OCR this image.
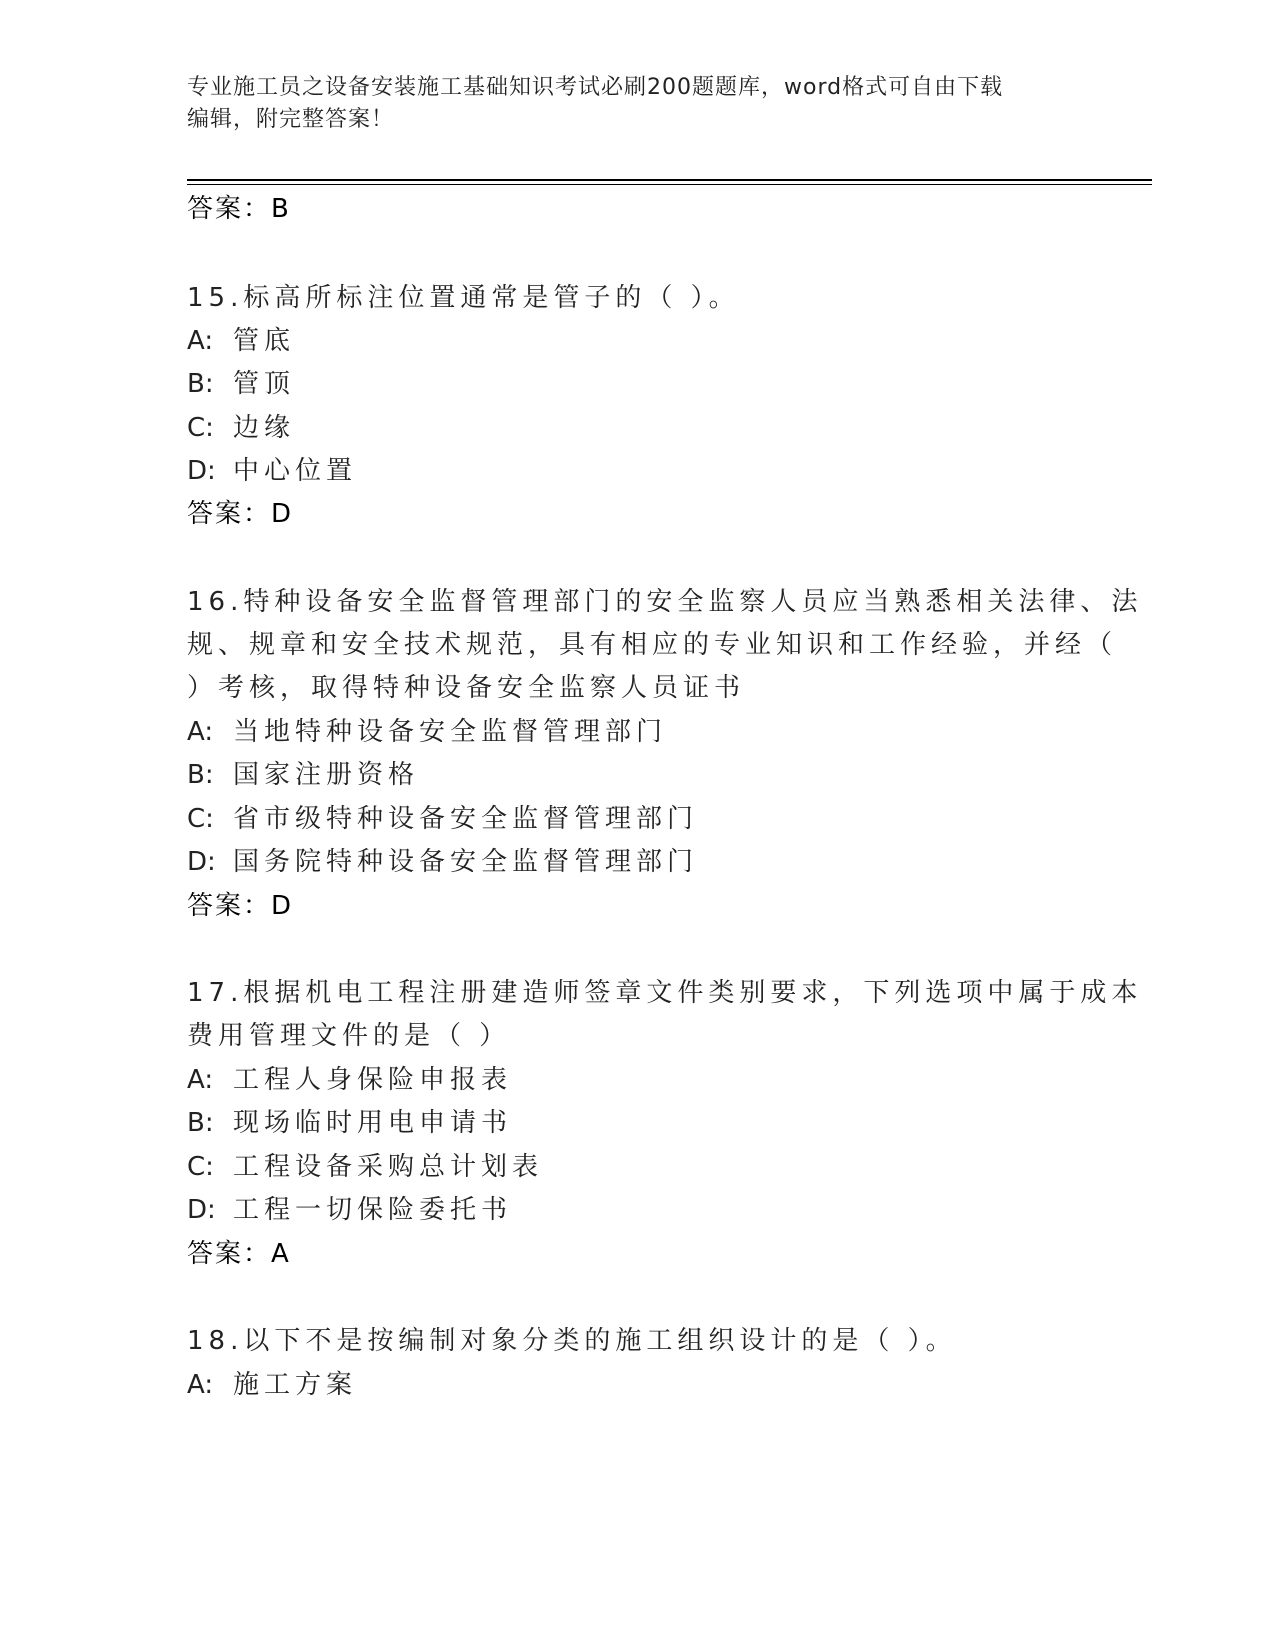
专业施工员之设备安装施工基础知识考试必刷200题题库，word格式可自由下载
编辑，附完整答案！
答案：B
15.标高所标注位置通常是管子的（ ）。
A: 管底
B: 管顶
C: 边缘
D: 中心位置
答案：D
16.特种设备安全监督管理部门的安全监察人员应当熟悉相关法律、法
规、规章和安全技术规范，具有相应的专业知识和工作经验，并经（
）考核，取得特种设备安全监察人员证书
A: 当地特种设备安全监督管理部门
B: 国家注册资格
C: 省市级特种设备安全监督管理部门
D: 国务院特种设备安全监督管理部门
答案：D
17.根据机电工程注册建造师签章文件类别要求，下列选项中属于成本
费用管理文件的是（ ）
A: 工程人身保险申报表
B: 现场临时用电申请书
C: 工程设备采购总计划表
D: 工程一切保险委托书
答案：A
18.以下不是按编制对象分类的施工组织设计的是（ ）。
A: 施工方案
